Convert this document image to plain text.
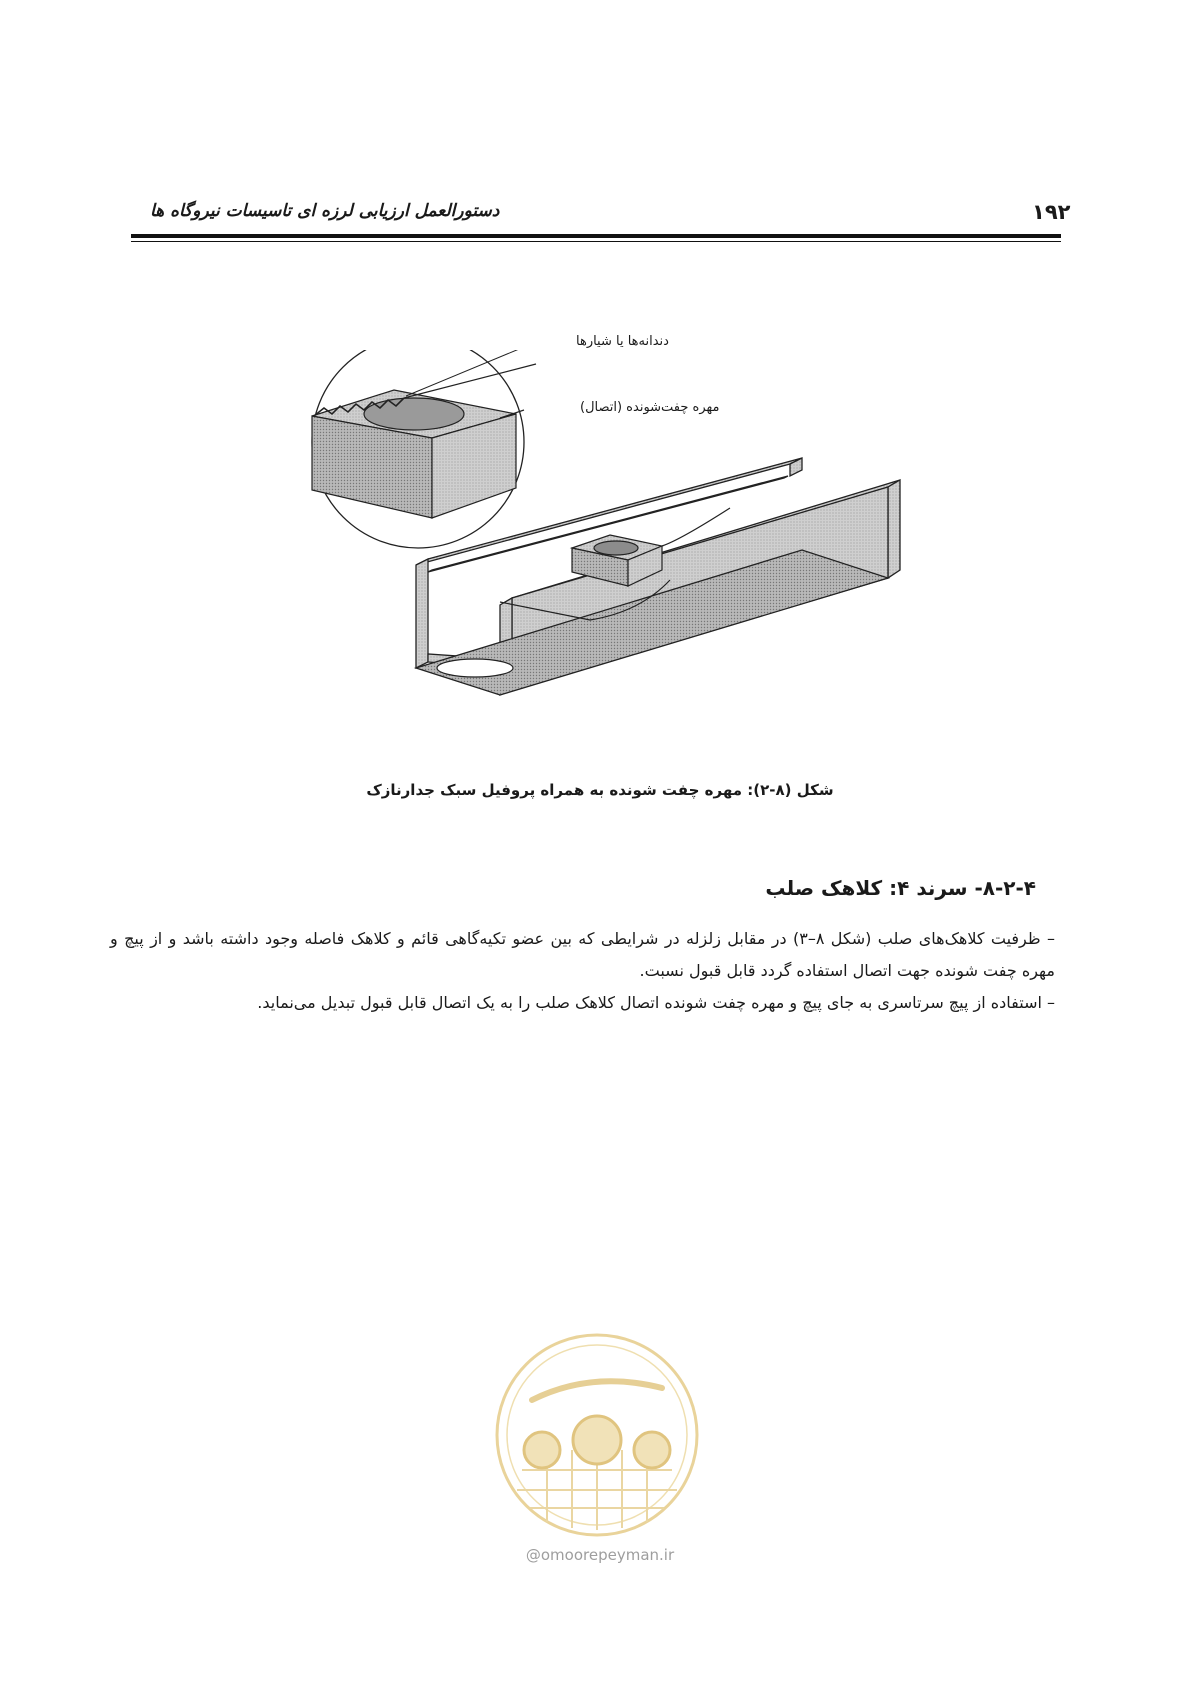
۱۹۲
دستورالعمل ارزیابی لرزه ای تاسیسات نیروگاه ها
دندانه‌ها یا شیارها
مهره چفت‌شونده (اتصال)
شکل (۸-۲): مهره چفت شونده به همراه پروفیل سبک جدارنازک
۸-۲-۴- سرند ۴: کلاهک صلب

– ظرفیت کلاهک‌های صلب (شکل ۸–۳) در مقابل زلزله در شرایطی که بین عضو تکیه‌گاهی قائم و کلاهک فاصله وجود داشته باشد و از پیچ و مهره چفت شونده جهت اتصال استفاده گردد قابل قبول نسبت.

– استفاده از پیچ سرتاسری به جای پیچ و مهره چفت شونده اتصال کلاهک صلب را به یک اتصال قابل قبول تبدیل می‌نماید.

@omoorepeyman.ir
